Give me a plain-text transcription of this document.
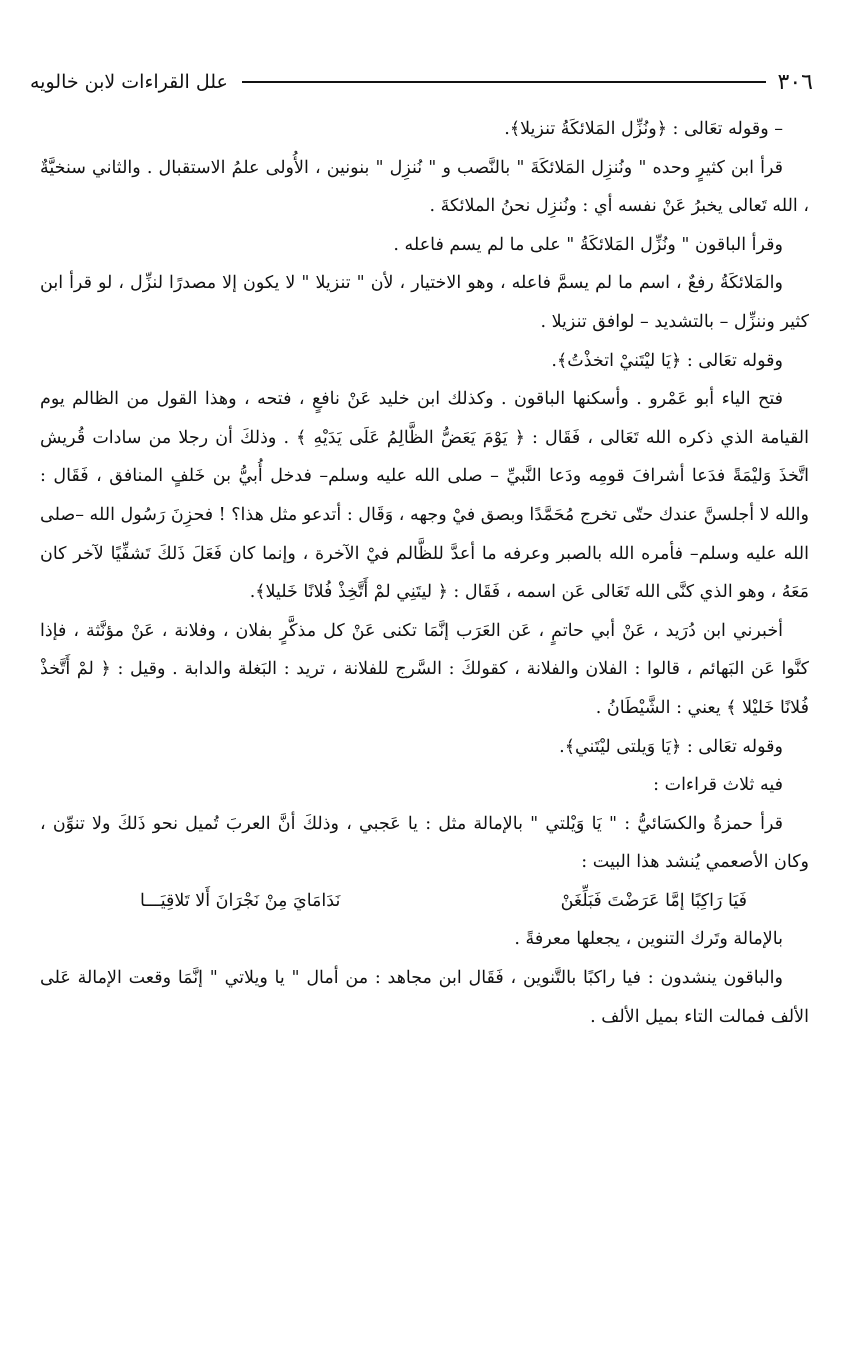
٣٠٦
علل القراءات لابن خالويه

– وقوله تعَالى : ﴿ونُزِّل المَلائكَةُ تنزيلا﴾.

قرأ ابن كثيرٍ وحده " ونُنزِل المَلائكَةَ " بالنَّصب و " نُنزِل " بنونين ، الأُولى علمُ الاستقبال . والثاني سنخيَّةٌ ، الله تَعالى يخبرُ عَنْ نفسه أي : ونُنزِل نحنُ الملائكةَ .

وقرأ الباقون " ونُزِّل المَلائكَةُ " على ما لم يسم فاعله .

والمَلائكَةُ رفعٌ ، اسم ما لم يسمَّ فاعله ، وهو الاختيار ، لأن " تنزيلا " لا يكون إلا مصدرًا لنزِّل ، لو قرأ ابن كثير وننزِّل – بالتشديد – لوافق تنزيلا .

وقوله تعَالى : ﴿يَا ليْتَنيْ اتخذْتُ﴾.

فتح الياء أبو عَمْرو . وأسكنها الباقون . وكذلك ابن خليد عَنْ نافعٍ ، فتحه ، وهذا القول من الظالم يوم القيامة الذي ذكره الله تَعَالى ، فَقَال : ﴿ يَوْمَ يَعَضُّ الظَّالِمُ عَلَى يَدَيْهِ ﴾ . وذلكَ أن رجلا من سادات قُريش اتَّخذَ وَليْمَةً فدَعا أشرافَ قومِه ودَعا النَّبيِّ – صلى الله عليه وسلم– فدخل أُبيُّ بن خَلفٍ المنافق ، فَقَال : والله لا أجلسنَّ عندك حتّى تخرج مُحَمَّدًا وبصق فيْ وجهه ، وَقَال : أتدعو مثل هذا؟ ! فحزِنَ رَسُول الله –صلى الله عليه وسلم– فأمره الله بالصبر وعرفه ما أعدَّ للظَّالم فيْ الآخرة ، وإنما كان فَعَلَ ذَلكَ تَشفِّيًا لآخر كان مَعَهُ ، وهو الذي كنَّى الله تَعَالى عَن اسمه ، فَقَال : ﴿ ليتَنِي لمْ أَتَّخِذْ فُلانًا خَليلا﴾.

أخبرني ابن دُرَيد ، عَنْ أبي حاتمٍ ، عَن العَرَب إنَّمَا تكنى عَنْ كل مذكَّرٍ بفلان ، وفلانة ، عَنْ مؤنَّثة ، فإذا كنَّوا عَن البَهائم ، قالوا : الفلان والفلانة ، كقولكَ : السَّرج للفلانة ، تريد : البَغلة والدابة . وقيل : ﴿ لمْ أَتَّخذْ فُلانًا خَليْلا ﴾ يعني : الشَّيْطَانُ .

وقوله تعَالى : ﴿يَا وَيلتى ليْتَني﴾.

فيه ثلاث قراءات :

قرأ حمزةُ والكسَائيُّ : " يَا وَيْلتي " بالإمالة مثل : يا عَجبي ، وذلكَ أنَّ العربَ تُميل نحو ذَلكَ ولا تنوِّن ، وكان الأصعمي يُنشد هذا البيت :

فَيَا رَاكِبًا إمَّا عَرَضْتَ فَبَلِّغَنْ
نَدَامَايَ مِنْ نَجْرَانَ أَلا تَلاقِيَـــا

بالإمالة وتَرك التنوين ، يجعلها معرفةً .

والباقون ينشدون : فيا راكبًا بالتَّنوين ، فَقَال ابن مجاهد : من أمال " يا ويلاتي " إنَّمَا وقعت الإمالة عَلى الألف فمالت التاء بميل الألف .
